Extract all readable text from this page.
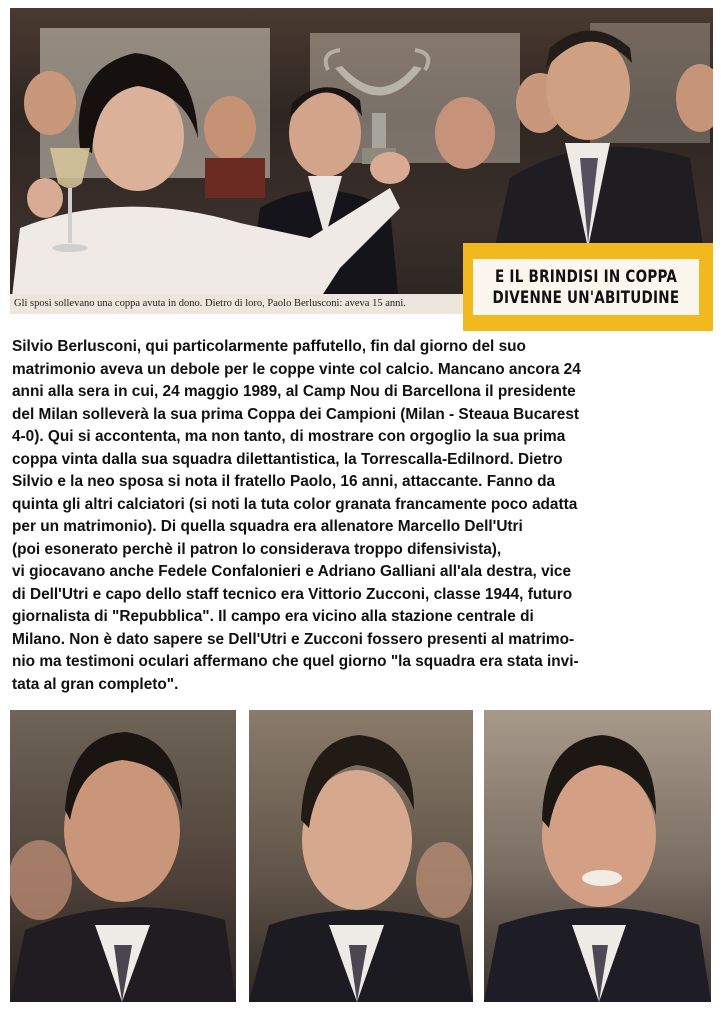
Gli sposi sollevano una coppa avuta in dono. Dietro di loro, Paolo Berlusconi: aveva 15 anni.
E IL BRINDISI IN COPPA
DIVENNE UN'ABITUDINE
Silvio Berlusconi, qui particolarmente paffutello, fin dal giorno del suo
matrimonio aveva un debole per le coppe vinte col calcio. Mancano ancora 24
anni alla sera in cui, 24 maggio 1989, al Camp Nou di Barcellona il presidente
del Milan solleverà la sua prima Coppa dei Campioni (Milan - Steaua Bucarest
4-0). Qui si accontenta, ma non tanto, di mostrare con orgoglio la sua prima
coppa vinta dalla sua squadra dilettantistica, la Torrescalla-Edilnord. Dietro
Silvio e la neo sposa si nota il fratello Paolo, 16 anni, attaccante. Fanno da
quinta gli altri calciatori (si noti la tuta color granata francamente poco adatta
per un matrimonio). Di quella squadra era allenatore Marcello Dell'Utri
(poi esonerato perchè il patron lo considerava troppo difensivista),
vi giocavano anche Fedele Confalonieri e Adriano Galliani all'ala destra, vice
di Dell'Utri e capo dello staff tecnico era Vittorio Zucconi, classe 1944, futuro
giornalista di "Repubblica". Il campo era vicino alla stazione centrale di
Milano. Non è dato sapere se Dell'Utri e Zucconi fossero presenti al matrimo-
nio ma testimoni oculari affermano che quel giorno "la squadra era stata invi-
tata al gran completo".
